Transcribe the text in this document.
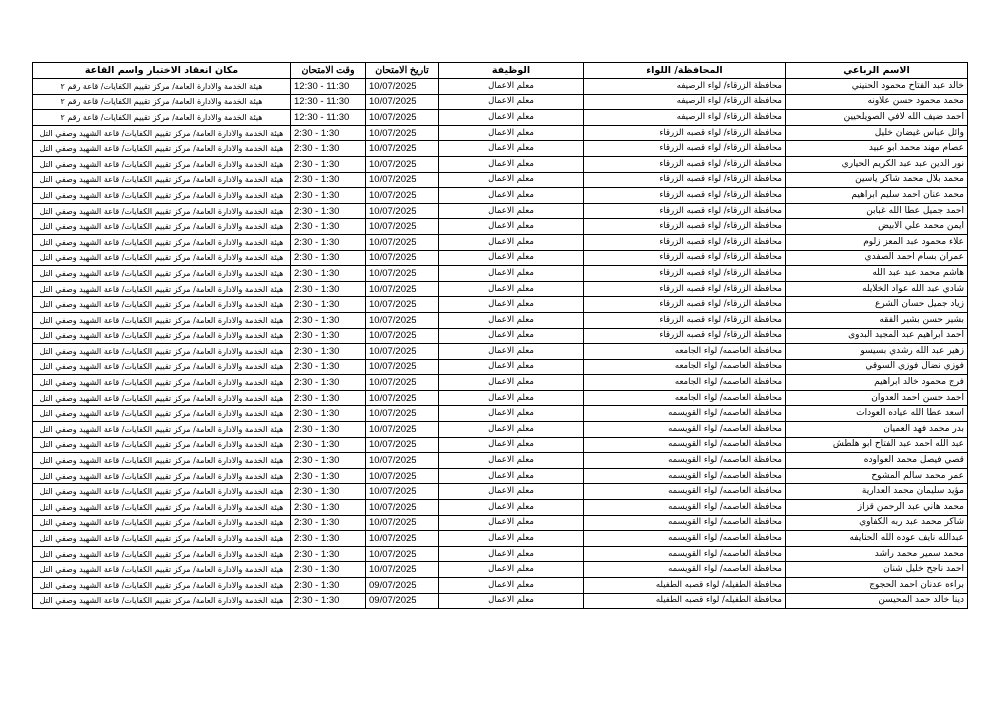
الاسم الرباعي	المحافظة/ اللواء	الوظيفة	تاريخ الامتحان	وقت الامتحان	مكان انعقاد الاختبار واسم القاعة
خالد عبد الفتاح محمود الحنيني	محافظة الزرقاء/ لواء الرصيفه	معلم الاعمال	10/07/2025	12:30 - 11:30	هيئة الخدمة والادارة العامة/ مركز تقييم الكفايات/ قاعة رقم ٢
محمد محمود حسن علاونه	محافظة الزرقاء/ لواء الرصيفه	معلم الاعمال	10/07/2025	12:30 - 11:30	هيئة الخدمة والادارة العامة/ مركز تقييم الكفايات/ قاعة رقم ٢
احمد ضيف الله لافي الصويلحيين	محافظة الزرقاء/ لواء الرصيفه	معلم الاعمال	10/07/2025	12:30 - 11:30	هيئة الخدمة والادارة العامة/ مركز تقييم الكفايات/ قاعة رقم ٢
وائل عباس غيضان خليل	محافظة الزرقاء/ لواء قصبه الزرقاء	معلم الاعمال	10/07/2025	2:30 - 1:30	هيئة الخدمة والادارة العامة/ مركز تقييم الكفايات/ قاعة الشهيد وصفي التل
عصام مهند محمد ابو عبيد	محافظة الزرقاء/ لواء قصبه الزرقاء	معلم الاعمال	10/07/2025	2:30 - 1:30	هيئة الخدمة والادارة العامة/ مركز تقييم الكفايات/ قاعة الشهيد وصفي التل
نور الدين عبد عبد الكريم الحياري	محافظة الزرقاء/ لواء قصبه الزرقاء	معلم الاعمال	10/07/2025	2:30 - 1:30	هيئة الخدمة والادارة العامة/ مركز تقييم الكفايات/ قاعة الشهيد وصفي التل
محمد بلال محمد شاكر ياسين	محافظة الزرقاء/ لواء قصبه الزرقاء	معلم الاعمال	10/07/2025	2:30 - 1:30	هيئة الخدمة والادارة العامة/ مركز تقييم الكفايات/ قاعة الشهيد وصفي التل
محمد عنان احمد سليم ابراهيم	محافظة الزرقاء/ لواء قصبه الزرقاء	معلم الاعمال	10/07/2025	2:30 - 1:30	هيئة الخدمة والادارة العامة/ مركز تقييم الكفايات/ قاعة الشهيد وصفي التل
احمد جميل عطا الله غبابن	محافظة الزرقاء/ لواء قصبه الزرقاء	معلم الاعمال	10/07/2025	2:30 - 1:30	هيئة الخدمة والادارة العامة/ مركز تقييم الكفايات/ قاعة الشهيد وصفي التل
ايمن محمد علي الابيض	محافظة الزرقاء/ لواء قصبه الزرقاء	معلم الاعمال	10/07/2025	2:30 - 1:30	هيئة الخدمة والادارة العامة/ مركز تقييم الكفايات/ قاعة الشهيد وصفي التل
علاء محمود عبد المعز زلوم	محافظة الزرقاء/ لواء قصبه الزرقاء	معلم الاعمال	10/07/2025	2:30 - 1:30	هيئة الخدمة والادارة العامة/ مركز تقييم الكفايات/ قاعة الشهيد وصفي التل
عمران بسام احمد الصفدي	محافظة الزرقاء/ لواء قصبه الزرقاء	معلم الاعمال	10/07/2025	2:30 - 1:30	هيئة الخدمة والادارة العامة/ مركز تقييم الكفايات/ قاعة الشهيد وصفي التل
هاشم محمد عبد عبد الله	محافظة الزرقاء/ لواء قصبه الزرقاء	معلم الاعمال	10/07/2025	2:30 - 1:30	هيئة الخدمة والادارة العامة/ مركز تقييم الكفايات/ قاعة الشهيد وصفي التل
شادي عبد الله عواد الخلايله	محافظة الزرقاء/ لواء قصبه الزرقاء	معلم الاعمال	10/07/2025	2:30 - 1:30	هيئة الخدمة والادارة العامة/ مركز تقييم الكفايات/ قاعة الشهيد وصفي التل
زياد جميل حسان الشرع	محافظة الزرقاء/ لواء قصبه الزرقاء	معلم الاعمال	10/07/2025	2:30 - 1:30	هيئة الخدمة والادارة العامة/ مركز تقييم الكفايات/ قاعة الشهيد وصفي التل
بشير حسن بشير الفقه	محافظة الزرقاء/ لواء قصبه الزرقاء	معلم الاعمال	10/07/2025	2:30 - 1:30	هيئة الخدمة والادارة العامة/ مركز تقييم الكفايات/ قاعة الشهيد وصفي التل
احمد ابراهيم عبد المجيد البدوى	محافظة الزرقاء/ لواء قصبه الزرقاء	معلم الاعمال	10/07/2025	2:30 - 1:30	هيئة الخدمة والادارة العامة/ مركز تقييم الكفايات/ قاعة الشهيد وصفي التل
زهير عبد الله رشدي بسيسو	محافظة العاصمه/ لواء الجامعه	معلم الاعمال	10/07/2025	2:30 - 1:30	هيئة الخدمة والادارة العامة/ مركز تقييم الكفايات/ قاعة الشهيد وصفي التل
فوزي نضال فوزي السوقي	محافظة العاصمه/ لواء الجامعه	معلم الاعمال	10/07/2025	2:30 - 1:30	هيئة الخدمة والادارة العامة/ مركز تقييم الكفايات/ قاعة الشهيد وصفي التل
فرج محمود خالد ابراهيم	محافظة العاصمه/ لواء الجامعه	معلم الاعمال	10/07/2025	2:30 - 1:30	هيئة الخدمة والادارة العامة/ مركز تقييم الكفايات/ قاعة الشهيد وصفي التل
احمد حسن احمد العدوان	محافظة العاصمه/ لواء الجامعه	معلم الاعمال	10/07/2025	2:30 - 1:30	هيئة الخدمة والادارة العامة/ مركز تقييم الكفايات/ قاعة الشهيد وصفي التل
اسعد عطا الله عياده العودات	محافظة العاصمه/ لواء القويسمه	معلم الاعمال	10/07/2025	2:30 - 1:30	هيئة الخدمة والادارة العامة/ مركز تقييم الكفايات/ قاعة الشهيد وصفي التل
بدر محمد فهد العميان	محافظة العاصمه/ لواء القويسمه	معلم الاعمال	10/07/2025	2:30 - 1:30	هيئة الخدمة والادارة العامة/ مركز تقييم الكفايات/ قاعة الشهيد وصفي التل
عبد الله احمد عبد الفتاح ابو هلطش	محافظة العاصمه/ لواء القويسمه	معلم الاعمال	10/07/2025	2:30 - 1:30	هيئة الخدمة والادارة العامة/ مركز تقييم الكفايات/ قاعة الشهيد وصفي التل
قصي فيصل محمد العواوده	محافظة العاصمه/ لواء القويسمه	معلم الاعمال	10/07/2025	2:30 - 1:30	هيئة الخدمة والادارة العامة/ مركز تقييم الكفايات/ قاعة الشهيد وصفي التل
عمر محمد سالم المشوح	محافظة العاصمه/ لواء القويسمه	معلم الاعمال	10/07/2025	2:30 - 1:30	هيئة الخدمة والادارة العامة/ مركز تقييم الكفايات/ قاعة الشهيد وصفي التل
مؤيد سليمان محمد العدارية	محافظة العاصمه/ لواء القويسمه	معلم الاعمال	10/07/2025	2:30 - 1:30	هيئة الخدمة والادارة العامة/ مركز تقييم الكفايات/ قاعة الشهيد وصفي التل
محمد هاني عبد الرحمن قزاز	محافظة العاصمه/ لواء القويسمه	معلم الاعمال	10/07/2025	2:30 - 1:30	هيئة الخدمة والادارة العامة/ مركز تقييم الكفايات/ قاعة الشهيد وصفي التل
شاكر محمد عبد ربه الكفاوي	محافظة العاصمه/ لواء القويسمه	معلم الاعمال	10/07/2025	2:30 - 1:30	هيئة الخدمة والادارة العامة/ مركز تقييم الكفايات/ قاعة الشهيد وصفي التل
عبدالله نايف عوده الله الحنايفه	محافظة العاصمه/ لواء القويسمه	معلم الاعمال	10/07/2025	2:30 - 1:30	هيئة الخدمة والادارة العامة/ مركز تقييم الكفايات/ قاعة الشهيد وصفي التل
محمد سمير محمد راشد	محافظة العاصمه/ لواء القويسمه	معلم الاعمال	10/07/2025	2:30 - 1:30	هيئة الخدمة والادارة العامة/ مركز تقييم الكفايات/ قاعة الشهيد وصفي التل
احمد ناجح خليل شنان	محافظة العاصمه/ لواء القويسمه	معلم الاعمال	10/07/2025	2:30 - 1:30	هيئة الخدمة والادارة العامة/ مركز تقييم الكفايات/ قاعة الشهيد وصفي التل
براءه عدنان احمد الحجوج	محافظة الطفيله/ لواء قصبه الطفيله	معلم الاعمال	09/07/2025	2:30 - 1:30	هيئة الخدمة والادارة العامة/ مركز تقييم الكفايات/ قاعة الشهيد وصفي التل
دينا خالد حمد المحيسن	محافظة الطفيله/ لواء قصبه الطفيله	معلم الاعمال	09/07/2025	2:30 - 1:30	هيئة الخدمة والادارة العامة/ مركز تقييم الكفايات/ قاعة الشهيد وصفي التل
